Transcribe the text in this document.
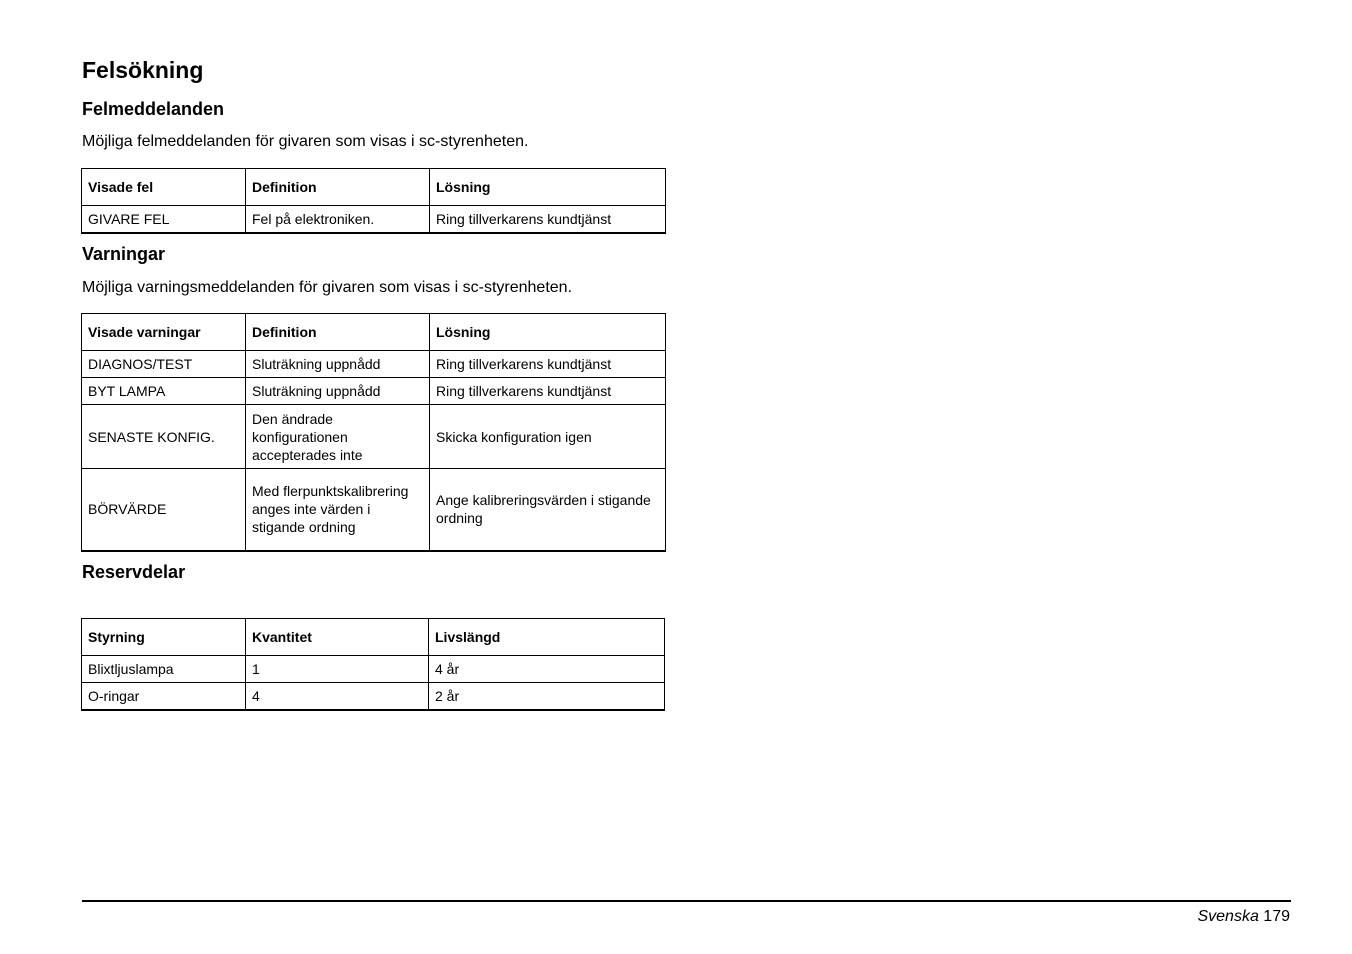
Felsökning
Felmeddelanden

Möjliga felmeddelanden för givaren som visas i sc-styrenheten.

Visade fel	Definition	Lösning
GIVARE FEL	Fel på elektroniken.	Ring tillverkarens kundtjänst
Varningar

Möjliga varningsmeddelanden för givaren som visas i sc-styrenheten.

Visade varningar	Definition	Lösning
DIAGNOS/TEST	Sluträkning uppnådd	Ring tillverkarens kundtjänst
BYT LAMPA	Sluträkning uppnådd	Ring tillverkarens kundtjänst
SENASTE KONFIG.	Den ändrade konfigurationen accepterades inte	Skicka konfiguration igen
BÖRVÄRDE	Med flerpunktskalibrering anges inte värden i stigande ordning	Ange kalibreringsvärden i stigande ordning
Reservdelar
Styrning	Kvantitet	Livslängd
Blixtljuslampa	1	4 år
O-ringar	4	2 år
Svenska 179
